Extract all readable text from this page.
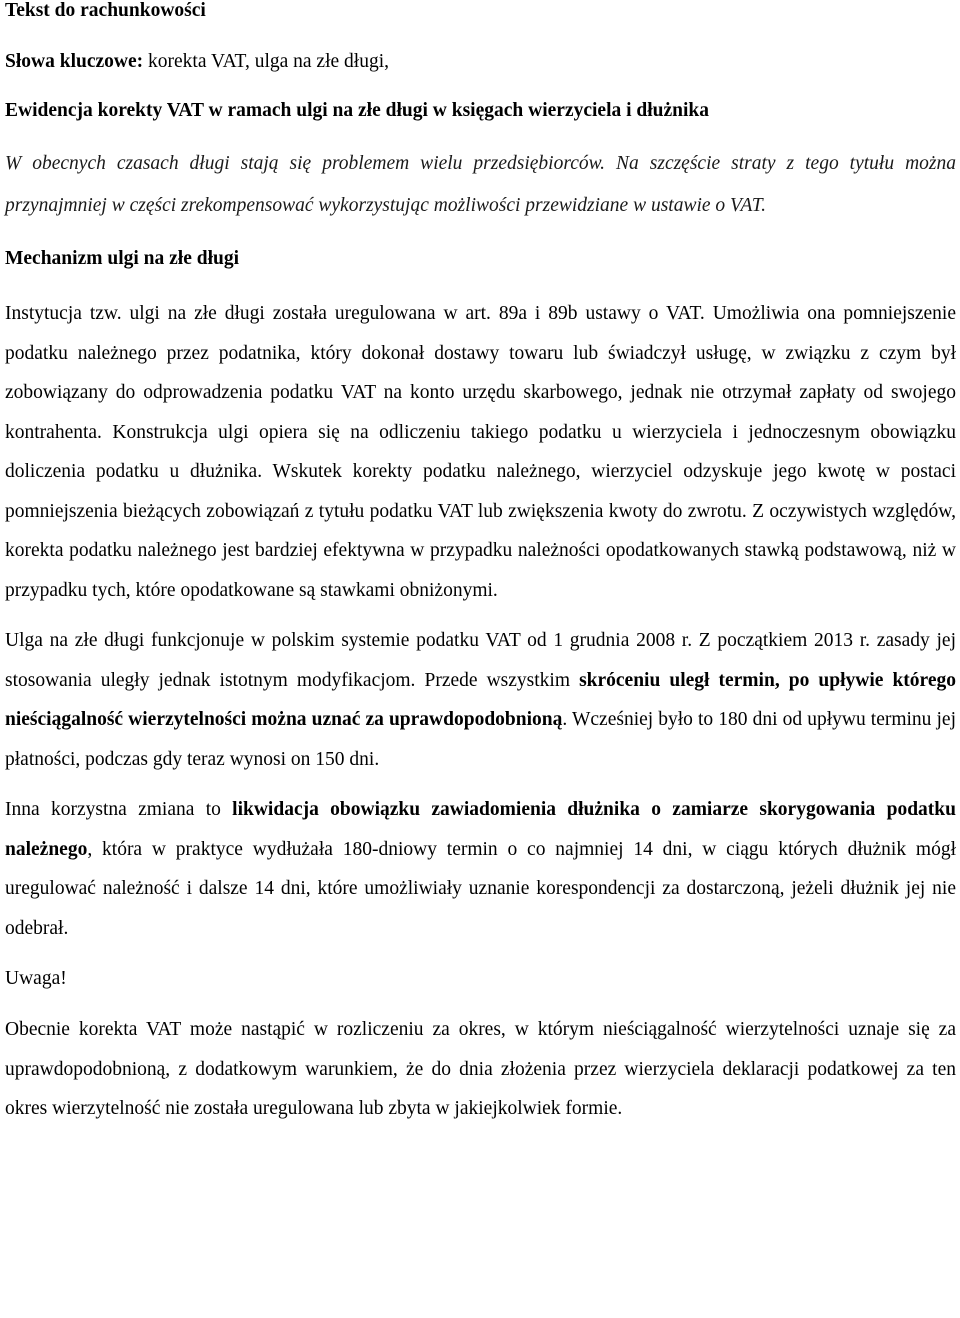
Tekst do rachunkowości

Słowa kluczowe: korekta VAT, ulga na złe długi,

Ewidencja korekty VAT w ramach ulgi na złe długi w księgach wierzyciela i dłużnika

W obecnych czasach długi stają się problemem wielu przedsiębiorców. Na szczęście straty z tego tytułu można przynajmniej w części zrekompensować wykorzystując możliwości przewidziane w ustawie o VAT.

Mechanizm ulgi na złe długi

Instytucja tzw. ulgi na złe długi została uregulowana w art. 89a i 89b ustawy o VAT. Umożliwia ona pomniejszenie podatku należnego przez podatnika, który dokonał dostawy towaru lub świadczył usługę, w związku z czym był zobowiązany do odprowadzenia podatku VAT na konto urzędu skarbowego, jednak nie otrzymał zapłaty od swojego kontrahenta. Konstrukcja ulgi opiera się na odliczeniu takiego podatku u wierzyciela i jednoczesnym obowiązku doliczenia podatku u dłużnika. Wskutek korekty podatku należnego, wierzyciel odzyskuje jego kwotę w postaci pomniejszenia bieżących zobowiązań z tytułu podatku VAT lub zwiększenia kwoty do zwrotu. Z oczywistych względów, korekta podatku należnego jest bardziej efektywna w przypadku należności opodatkowanych stawką podstawową, niż w przypadku tych, które opodatkowane są stawkami obniżonymi.

Ulga na złe długi funkcjonuje w polskim systemie podatku VAT od 1 grudnia 2008 r. Z początkiem 2013 r. zasady jej stosowania uległy jednak istotnym modyfikacjom. Przede wszystkim skróceniu uległ termin, po upływie którego nieściągalność wierzytelności można uznać za uprawdopodobnioną. Wcześniej było to 180 dni od upływu terminu jej płatności, podczas gdy teraz wynosi on 150 dni.

Inna korzystna zmiana to likwidacja obowiązku zawiadomienia dłużnika o zamiarze skorygowania podatku należnego, która w praktyce wydłużała 180-dniowy termin o co najmniej 14 dni, w ciągu których dłużnik mógł uregulować należność i dalsze 14 dni, które umożliwiały uznanie korespondencji za dostarczoną, jeżeli dłużnik jej nie odebrał.

Uwaga!

Obecnie korekta VAT może nastąpić w rozliczeniu za okres, w którym nieściągalność wierzytelności uznaje się za uprawdopodobnioną, z dodatkowym warunkiem, że do dnia złożenia przez wierzyciela deklaracji podatkowej za ten okres wierzytelność nie została uregulowana lub zbyta w jakiejkolwiek formie.
